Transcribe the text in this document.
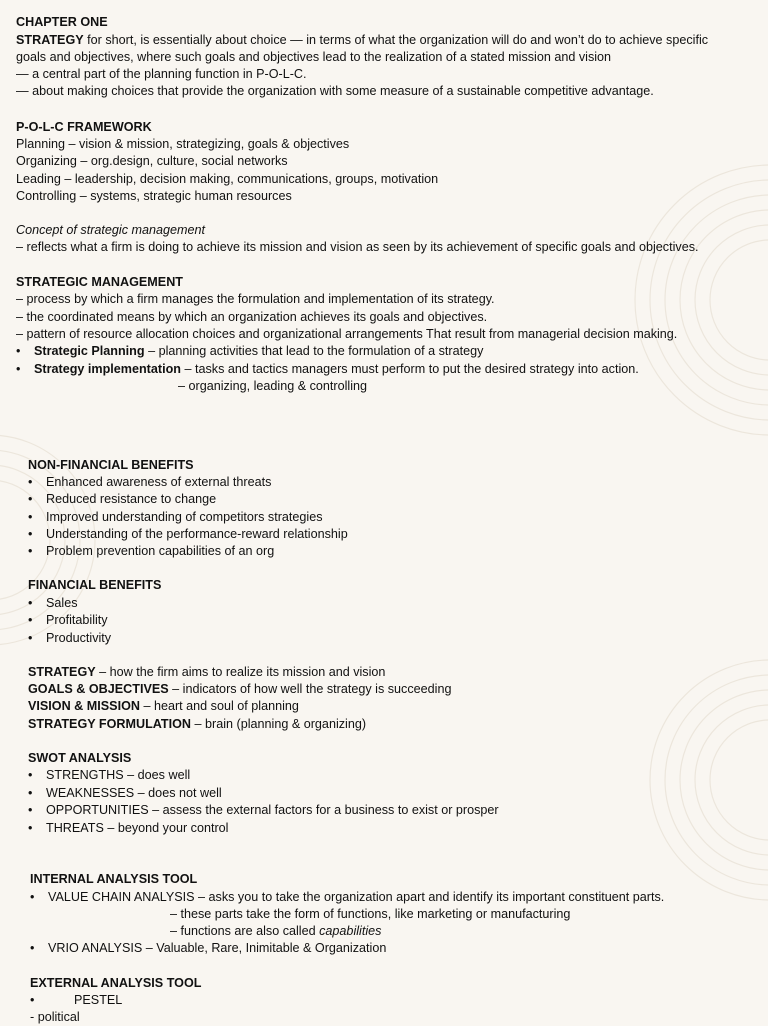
CHAPTER ONE
STRATEGY for short, is essentially about choice — in terms of what the organization will do and won’t do to achieve specific
goals and objectives, where such goals and objectives lead to the realization of a stated mission and vision
— a central part of the planning function in P-O-L-C.
— about making choices that provide the organization with some measure of a sustainable competitive advantage.
P-O-L-C FRAMEWORK
Planning – vision & mission, strategizing, goals & objectives
Organizing – org.design, culture, social networks
Leading – leadership, decision making, communications, groups, motivation
Controlling – systems, strategic human resources
Concept of strategic management
– reflects what a firm is doing to achieve its mission and vision as seen by its achievement of specific goals and objectives.
STRATEGIC MANAGEMENT
– process by which a firm manages the formulation and implementation of its strategy.
– the coordinated means by which an organization achieves its goals and objectives.
– pattern of resource allocation choices and organizational arrangements That result from managerial decision making.
• Strategic Planning – planning activities that lead to the formulation of a strategy
• Strategy implementation – tasks and tactics managers must perform to put the desired strategy into action.
– organizing, leading & controlling
NON-FINANCIAL BENEFITS
• Enhanced awareness of external threats
• Reduced resistance to change
• Improved understanding of competitors strategies
• Understanding of the performance-reward relationship
• Problem prevention capabilities of an org
FINANCIAL BENEFITS
• Sales
• Profitability
• Productivity
STRATEGY – how the firm aims to realize its mission and vision
GOALS & OBJECTIVES – indicators of how well the strategy is succeeding
VISION & MISSION – heart and soul of planning
STRATEGY FORMULATION – brain (planning & organizing)
SWOT ANALYSIS
• STRENGTHS – does well
• WEAKNESSES – does not well
• OPPORTUNITIES – assess the external factors for a business to exist or prosper
• THREATS – beyond your control
INTERNAL ANALYSIS TOOL
• VALUE CHAIN ANALYSIS – asks you to take the organization apart and identify its important constituent parts.
– these parts take the form of functions, like marketing or manufacturing
– functions are also called capabilities
• VRIO ANALYSIS – Valuable, Rare, Inimitable & Organization
EXTERNAL ANALYSIS TOOL
•	PESTEL
- political
